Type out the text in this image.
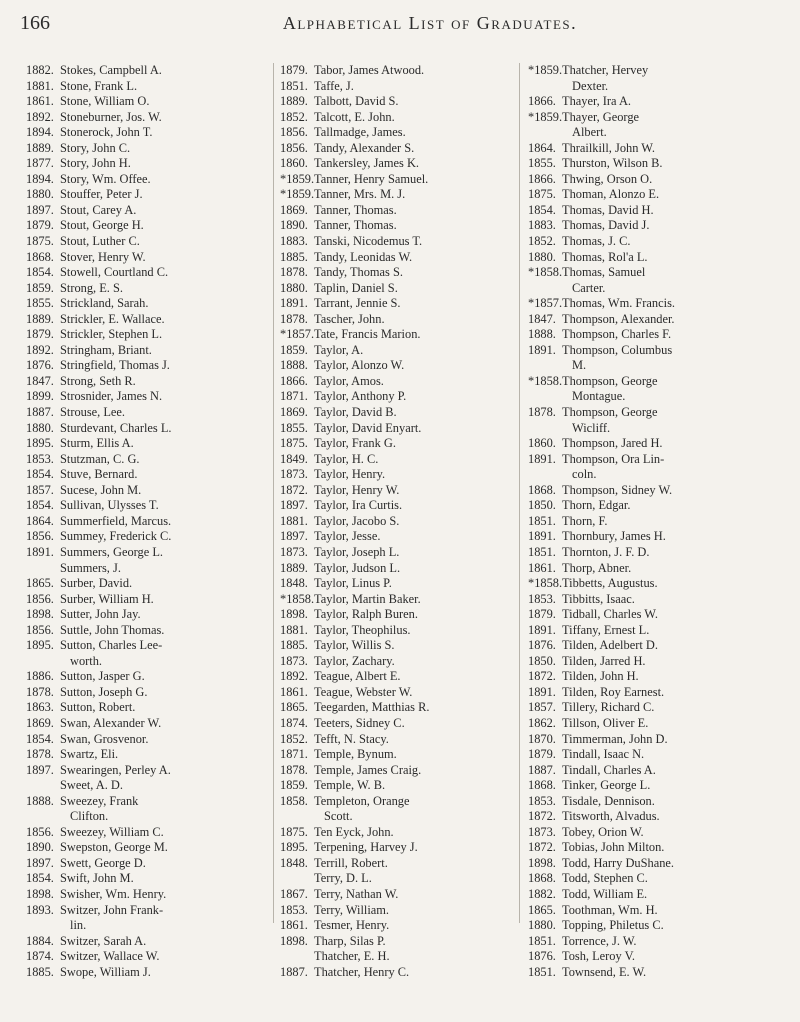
166	Alphabetical List of Graduates.
1882. Stokes, Campbell A.
1881. Stone, Frank L.
1861. Stone, William O.
1892. Stoneburner, Jos. W.
1894. Stonerock, John T.
1889. Story, John C.
1877. Story, John H.
1894. Story, Wm. Offee.
1880. Stouffer, Peter J.
1897. Stout, Carey A.
1879. Stout, George H.
1875. Stout, Luther C.
1868. Stover, Henry W.
1854. Stowell, Courtland C.
1859. Strong, E. S.
1855. Strickland, Sarah.
1889. Strickler, E. Wallace.
1879. Strickler, Stephen L.
1892. Stringham, Briant.
1876. Stringfield, Thomas J.
1847. Strong, Seth R.
1899. Strosnider, James N.
1887. Strouse, Lee.
1880. Sturdevant, Charles L.
1895. Sturm, Ellis A.
1853. Stutzman, C. G.
1854. Stuve, Bernard.
1857. Sucese, John M.
1854. Sullivan, Ulysses T.
1864. Summerfield, Marcus.
1856. Summey, Frederick C.
1891. Summers, George L.
Summers, J.
1865. Surber, David.
1856. Surber, William H.
1898. Sutter, John Jay.
1856. Suttle, John Thomas.
1895. Sutton, Charles Lee-
worth.
1886. Sutton, Jasper G.
1878. Sutton, Joseph G.
1863. Sutton, Robert.
1869. Swan, Alexander W.
1854. Swan, Grosvenor.
1878. Swartz, Eli.
1897. Swearingen, Perley A.
Sweet, A. D.
1888. Sweezey, Frank
Clifton.
1856. Sweezey, William C.
1890. Swepston, George M.
1897. Swett, George D.
1854. Swift, John M.
1898. Swisher, Wm. Henry.
1893. Switzer, John Frank-
lin.
1884. Switzer, Sarah A.
1874. Switzer, Wallace W.
1885. Swope, William J.
1879. Tabor, James Atwood.
1851. Taffe, J.
1889. Talbott, David S.
1852. Talcott, E. John.
1856. Tallmadge, James.
1856. Tandy, Alexander S.
1860. Tankersley, James K.
*1859. Tanner, Henry Samuel.
*1859. Tanner, Mrs. M. J.
1869. Tanner, Thomas.
1890. Tanner, Thomas.
1883. Tanski, Nicodemus T.
1885. Tandy, Leonidas W.
1878. Tandy, Thomas S.
1880. Taplin, Daniel S.
1891. Tarrant, Jennie S.
1878. Tascher, John.
*1857. Tate, Francis Marion.
1859. Taylor, A.
1888. Taylor, Alonzo W.
1866. Taylor, Amos.
1871. Taylor, Anthony P.
1869. Taylor, David B.
1855. Taylor, David Enyart.
1875. Taylor, Frank G.
1849. Taylor, H. C.
1873. Taylor, Henry.
1872. Taylor, Henry W.
1897. Taylor, Ira Curtis.
1881. Taylor, Jacobo S.
1897. Taylor, Jesse.
1873. Taylor, Joseph L.
1889. Taylor, Judson L.
1848. Taylor, Linus P.
*1858. Taylor, Martin Baker.
1898. Taylor, Ralph Buren.
1881. Taylor, Theophilus.
1885. Taylor, Willis S.
1873. Taylor, Zachary.
1892. Teague, Albert E.
1861. Teague, Webster W.
1865. Teegarden, Matthias R.
1874. Teeters, Sidney C.
1852. Tefft, N. Stacy.
1871. Temple, Bynum.
1878. Temple, James Craig.
1859. Temple, W. B.
1858. Templeton, Orange
Scott.
1875. Ten Eyck, John.
1895. Terpening, Harvey J.
1848. Terrill, Robert.
Terry, D. L.
1867. Terry, Nathan W.
1853. Terry, William.
1861. Tesmer, Henry.
1898. Tharp, Silas P.
Thatcher, E. H.
1887. Thatcher, Henry C.
*1859. Thatcher, Hervey
Dexter.
1866. Thayer, Ira A.
*1859. Thayer, George
Albert.
1864. Thrailkill, John W.
1855. Thurston, Wilson B.
1866. Thwing, Orson O.
1875. Thoman, Alonzo E.
1854. Thomas, David H.
1883. Thomas, David J.
1852. Thomas, J. C.
1880. Thomas, Rol'a L.
*1858. Thomas, Samuel
Carter.
*1857. Thomas, Wm. Francis.
1847. Thompson, Alexander.
1888. Thompson, Charles F.
1891. Thompson, Columbus
M.
*1858. Thompson, George
Montague.
1878. Thompson, George
Wicliff.
1860. Thompson, Jared H.
1891. Thompson, Ora Lin-
coln.
1868. Thompson, Sidney W.
1850. Thorn, Edgar.
1851. Thorn, F.
1891. Thornbury, James H.
1851. Thornton, J. F. D.
1861. Thorp, Abner.
*1858. Tibbetts, Augustus.
1853. Tibbitts, Isaac.
1879. Tidball, Charles W.
1891. Tiffany, Ernest L.
1876. Tilden, Adelbert D.
1850. Tilden, Jarred H.
1872. Tilden, John H.
1891. Tilden, Roy Earnest.
1857. Tillery, Richard C.
1862. Tillson, Oliver E.
1870. Timmerman, John D.
1879. Tindall, Isaac N.
1887. Tindall, Charles A.
1868. Tinker, George L.
1853. Tisdale, Dennison.
1872. Titsworth, Alvadus.
1873. Tobey, Orion W.
1872. Tobias, John Milton.
1898. Todd, Harry DuShane.
1868. Todd, Stephen C.
1882. Todd, William E.
1865. Toothman, Wm. H.
1880. Topping, Philetus C.
1851. Torrence, J. W.
1876. Tosh, Leroy V.
1851. Townsend, E. W.
